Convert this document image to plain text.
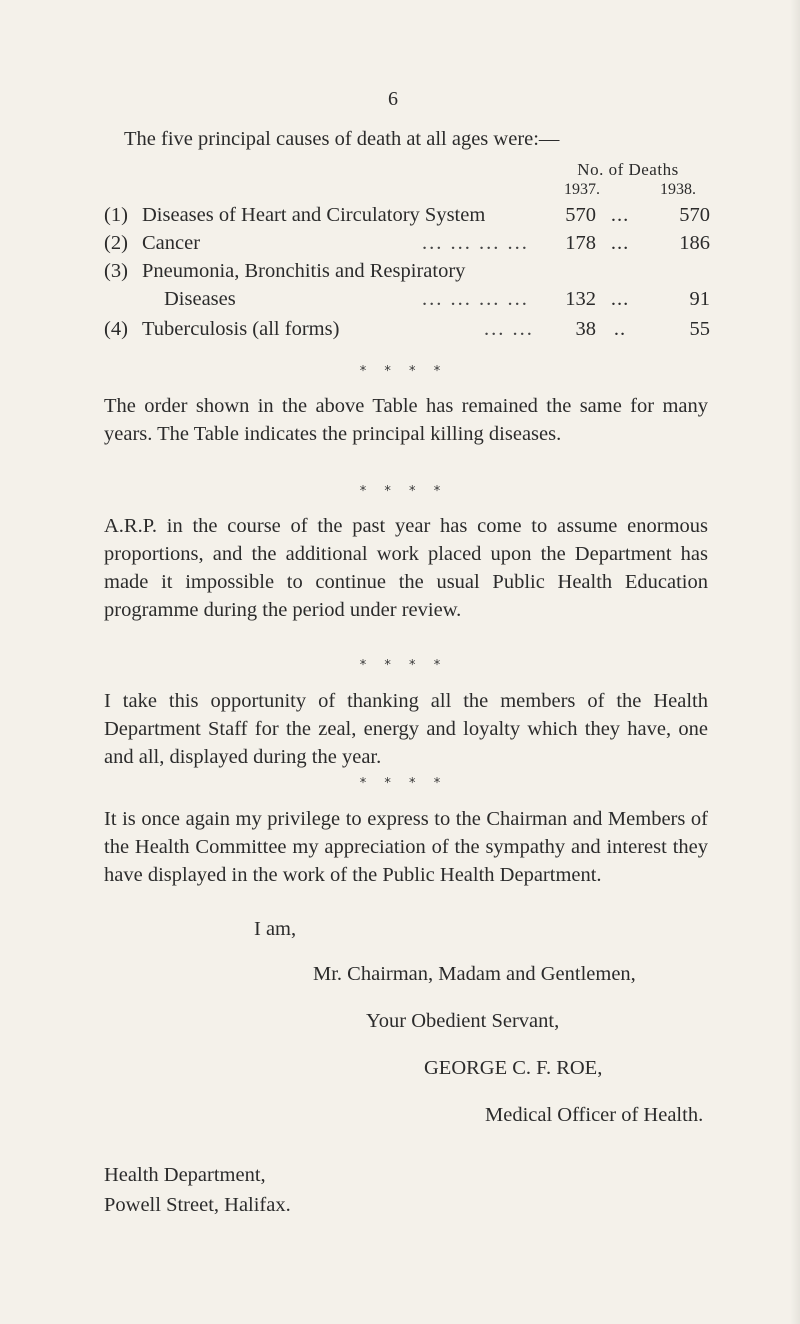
6
The five principal causes of death at all ages were:—
No. of Deaths
1937.	1938.
(1) Diseases of Heart and Circulatory System	570 ...	570
(2) Cancer	... ... ... ...	178 ...	186
(3) Pneumonia, Bronchitis and Respiratory
Diseases	... ... ... ...	132 ...	91
(4) Tuberculosis (all forms)	... ...	38 ..	55
* * * *
The order shown in the above Table has remained the same for many years. The Table indicates the principal killing diseases.
* * * *
A.R.P. in the course of the past year has come to assume enormous proportions, and the additional work placed upon the Department has made it impossible to continue the usual Public Health Education programme during the period under review.
* * * *
I take this opportunity of thanking all the members of the Health Department Staff for the zeal, energy and loyalty which they have, one and all, displayed during the year.
* * * *
It is once again my privilege to express to the Chairman and Members of the Health Committee my appreciation of the sympathy and interest they have displayed in the work of the Public Health Department.
I am,
Mr. Chairman, Madam and Gentlemen,
Your Obedient Servant,
GEORGE C. F. ROE,
Medical Officer of Health.
Health Department,
Powell Street, Halifax.
